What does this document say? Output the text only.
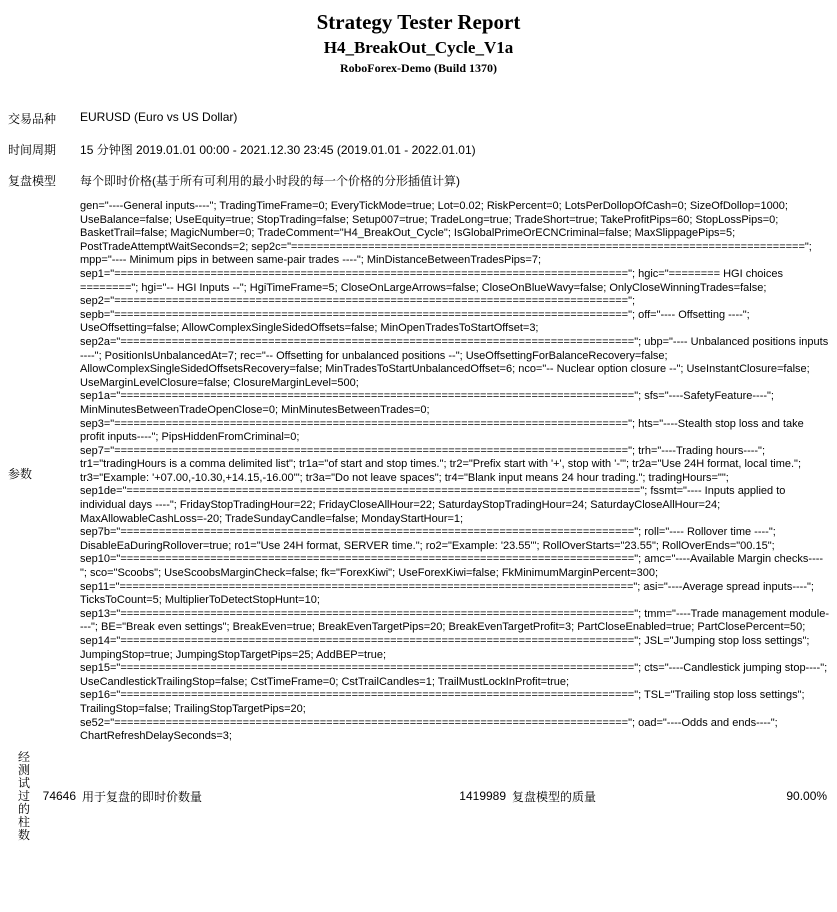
Strategy Tester Report
H4_BreakOut_Cycle_V1a
RoboForex-Demo (Build 1370)
交易品种		EURUSD (Euro vs US Dollar)			
时间周期		15 分钟图 2019.01.01 00:00 - 2021.12.30 23:45 (2019.01.01 - 2022.01.01)			
复盘模型		每个即时价格(基于所有可利用的最小时段的每一个价格的分形插值计算)			
参数		gen="----General inputs----"; TradingTimeFrame=0; EveryTickMode=true; Lot=0.02; RiskPercent=0; LotsPerDollopOfCash=0; SizeOfDollop=1000; UseBalance=false; UseEquity=true; StopTrading=false; Setup007=true; TradeLong=true; TradeShort=true; TakeProfitPips=60; StopLossPips=0; BasketTrail=false; MagicNumber=0; TradeComment="H4_BreakOut_Cycle"; IsGlobalPrimeOrECNCriminal=false; MaxSlippagePips=5; PostTradeAttemptWaitSeconds=2; sep2c="================================================================================"; mpp="---- Minimum pips in between same-pair trades ----"; MinDistanceBetweenTradesPips=7; sep1="================================================================================"; hgic="======== HGI choices ========"; hgi="-- HGI Inputs --"; HgiTimeFrame=5; CloseOnLargeArrows=false; CloseOnBlueWavy=false; OnlyCloseWinningTrades=false; sep2="================================================================================"; sepb="================================================================================"; off="---- Offsetting ----"; UseOffsetting=false; AllowComplexSingleSidedOffsets=false; MinOpenTradesToStartOffset=3; sep2a="================================================================================"; ubp="---- Unbalanced positions inputs ----"; PositionIsUnbalancedAt=7; rec="-- Offsetting for unbalanced positions --"; UseOffsettingForBalanceRecovery=false; AllowComplexSingleSidedOffsetsRecovery=false; MinTradesToStartUnbalancedOffset=6; nco="-- Nuclear option closure --"; UseInstantClosure=false; UseMarginLevelClosure=false; ClosureMarginLevel=500; sep1a="================================================================================"; sfs="----SafetyFeature----"; MinMinutesBetweenTradeOpenClose=0; MinMinutesBetweenTrades=0; sep3="================================================================================"; hts="----Stealth stop loss and take profit inputs----"; PipsHiddenFromCriminal=0; sep7="================================================================================"; trh="----Trading hours----"; tr1="tradingHours is a comma delimited list"; tr1a="of start and stop times."; tr2="Prefix start with '+', stop with '-'"; tr2a="Use 24H format, local time."; tr3="Example: '+07.00,-10.30,+14.15,-16.00'"; tr3a="Do not leave spaces"; tr4="Blank input means 24 hour trading."; tradingHours=""; sep1de="================================================================================"; fssmt="---- Inputs applied to individual days ----"; FridayStopTradingHour=22; FridayCloseAllHour=22; SaturdayStopTradingHour=24; SaturdayCloseAllHour=24; MaxAllowableCashLoss=-20; TradeSundayCandle=false; MondayStartHour=1; sep7b="================================================================================"; roll="---- Rollover time ----"; DisableEaDuringRollover=true; ro1="Use 24H format, SERVER time."; ro2="Example: '23.55'"; RollOverStarts="23.55"; RollOverEnds="00.15"; sep10="================================================================================"; amc="----Available Margin checks----"; sco="Scoobs"; UseScoobsMarginCheck=false; fk="ForexKiwi"; UseForexKiwi=false; FkMinimumMarginPercent=300; sep11="================================================================================"; asi="----Average spread inputs----"; TicksToCount=5; MultiplierToDetectStopHunt=10; sep13="================================================================================"; tmm="----Trade management module----"; BE="Break even settings"; BreakEven=true; BreakEvenTargetPips=20; BreakEvenTargetProfit=3; PartCloseEnabled=true; PartClosePercent=50; sep14="================================================================================"; JSL="Jumping stop loss settings"; JumpingStop=true; JumpingStopTargetPips=25; AddBEP=true; sep15="================================================================================"; cts="----Candlestick jumping stop----"; UseCandlestickTrailingStop=false; CstTimeFrame=0; CstTrailCandles=1; TrailMustLockInProfit=true; sep16="================================================================================"; TSL="Trailing stop loss settings"; TrailingStop=false; TrailingStopTargetPips=20; se52="================================================================================"; oad="----Odds and ends----"; ChartRefreshDelaySeconds=3;			
经测试过的柱数	74646	用于复盘的即时价数量	1419989	复盘模型的质量	90.00%
